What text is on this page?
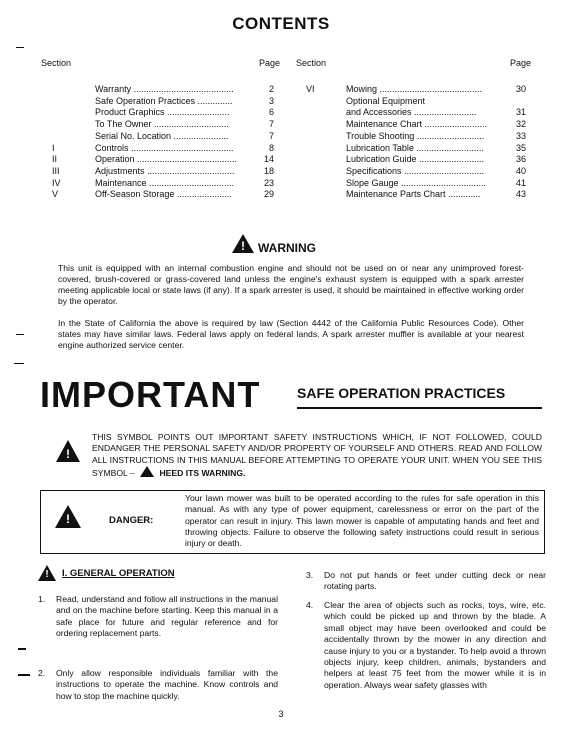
CONTENTS
Section	Page Section	Page
Warranty ........................................	2
Safe Operation Practices ..............	3
Product Graphics .........................	6
To The Owner ..............................	7
Serial No. Location ......................	7
I	Controls .........................................	8
II	Operation ........................................	14
III	Adjustments ...................................	18
IV	Maintenance ..................................	23
V	Off-Season Storage ......................	29
VI	Mowing .........................................	30
Optional Equipment
and Accessories .........................	31
Maintenance Chart .........................	32
Trouble Shooting ...........................	33
Lubrication Table ...........................	35
Lubrication Guide ..........................	36
Specifications ................................	40
Slope Gauge ..................................	41
Maintenance Parts Chart .............	43
!	WARNING
This unit is equipped with an internal combustion engine and should not be used on or near any unimproved forest-covered, brush-covered or grass-covered land unless the engine's exhaust system is equipped with a spark arrester meeting applicable local or state laws (if any). If a spark arrester is used, it should be maintained in effective working order by the operator.
In the State of California the above is required by law (Section 4442 of the California Public Resources Code). Other states may have similar laws. Federal laws apply on federal lands. A spark arrester muffler is available at your nearest engine authorized service center.
IMPORTANT	SAFE OPERATION PRACTICES
!
THIS SYMBOL POINTS OUT IMPORTANT SAFETY INSTRUCTIONS WHICH, IF NOT FOLLOWED, COULD ENDANGER THE PERSONAL SAFETY AND/OR PROPERTY OF YOURSELF AND OTHERS. READ AND FOLLOW ALL INSTRUCTIONS IN THIS MANUAL BEFORE ATTEMPTING TO OPERATE YOUR UNIT. WHEN YOU SEE THIS SYMBOL –	HEED ITS WARNING.
!	DANGER:
Your lawn mower was built to be operated according to the rules for safe operation in this manual. As with any type of power equipment, carelessness or error on the part of the operator can result in injury. This lawn mower is capable of amputating hands and feet and throwing objects. Failure to observe the following safety instructions could result in serious injury or death.
!	I. GENERAL OPERATION
1. Read, understand and follow all instructions in the manual and on the machine before starting. Keep this manual in a safe place for future and regular reference and for ordering replacement parts.
2. Only allow responsible individuals familiar with the instructions to operate the machine. Know controls and how to stop the machine quickly.
3. Do not put hands or feet under cutting deck or near rotating parts.
4. Clear the area of objects such as rocks, toys, wire, etc. which could be picked up and thrown by the blade. A small object may have been overlooked and could be accidentally thrown by the mower in any direction and cause injury to you or a bystander. To help avoid a thrown objects injury, keep children, animals, bystanders and helpers at least 75 feet from the mower while it is in operation. Always wear safety glasses with
3
